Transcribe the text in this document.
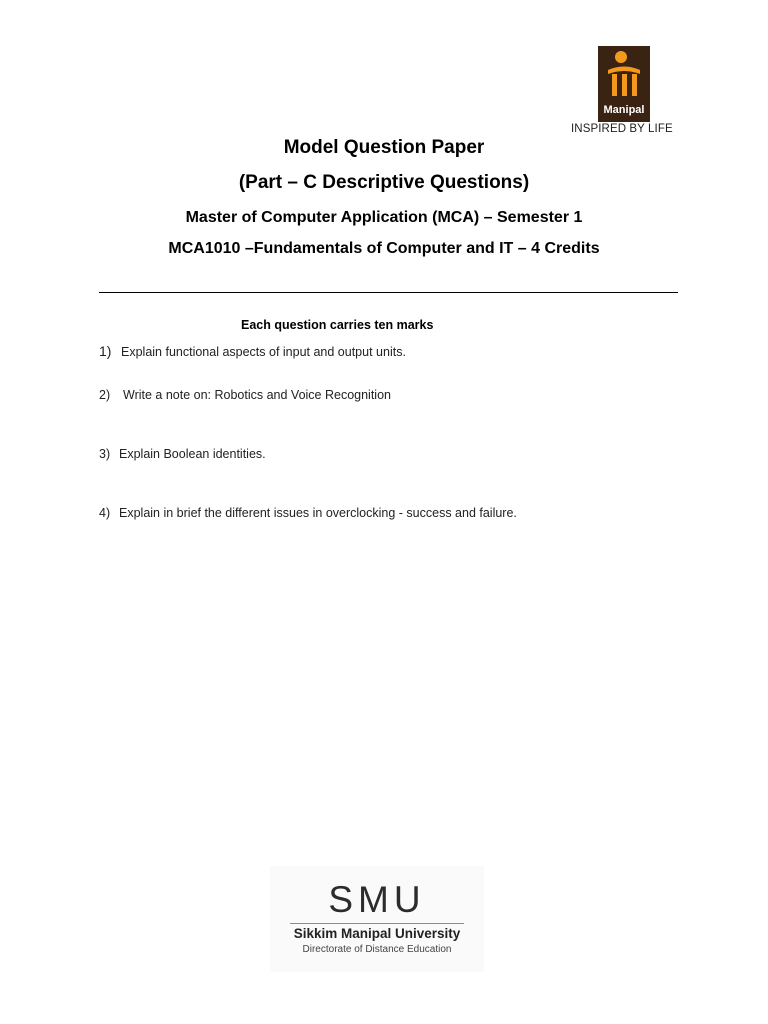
Manipal
INSPIRED BY LIFE
Model Question Paper
(Part – C Descriptive Questions)
Master of Computer Application (MCA) – Semester 1
MCA1010 –Fundamentals of Computer and IT – 4 Credits
Each question carries ten marks
1) Explain functional aspects of input and output units.
2)	Write a note on: Robotics and Voice Recognition
3) Explain Boolean identities.
4) Explain in brief the different issues in overclocking - success and failure.
SMU
Sikkim Manipal University
Directorate of Distance Education
